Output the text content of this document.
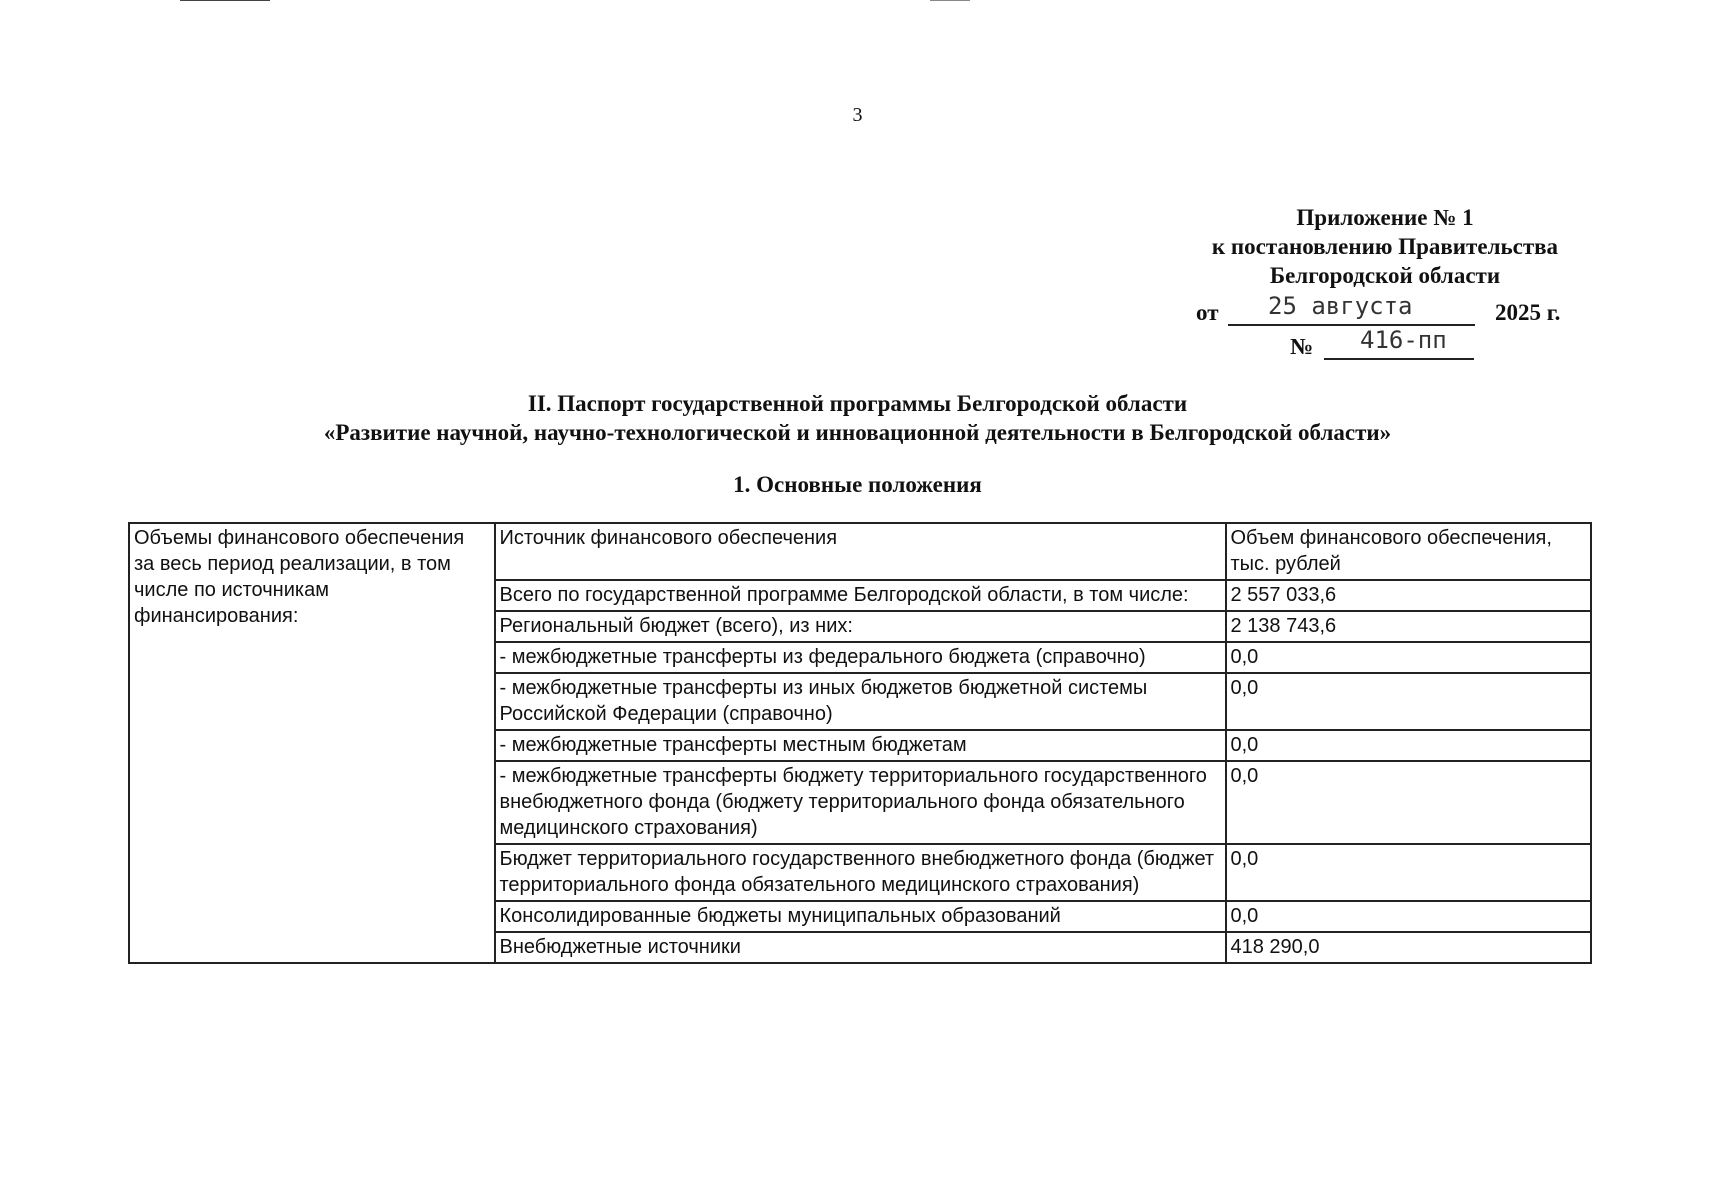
3
Приложение № 1
к постановлению Правительства
Белгородской области
от 25 августа	2025 г.
№ 416-пп
II. Паспорт государственной программы Белгородской области
«Развитие научной, научно-технологической и инновационной деятельности в Белгородской области»
1. Основные положения
Объемы финансового обеспечения за весь период реализации, в том числе по источникам финансирования:	Источник финансового обеспечения	Объем финансового обеспечения, тыс. рублей
	Всего по государственной программе Белгородской области, в том числе:	2 557 033,6
	Региональный бюджет (всего), из них:	2 138 743,6
	- межбюджетные трансферты из федерального бюджета (справочно)	0,0
	- межбюджетные трансферты из иных бюджетов бюджетной системы Российской Федерации (справочно)	0,0
	- межбюджетные трансферты местным бюджетам	0,0
	- межбюджетные трансферты бюджету территориального государственного внебюджетного фонда (бюджету территориального фонда обязательного медицинского страхования)	0,0
	Бюджет территориального государственного внебюджетного фонда (бюджет территориального фонда обязательного медицинского страхования)	0,0
	Консолидированные бюджеты муниципальных образований	0,0
	Внебюджетные источники	418 290,0
